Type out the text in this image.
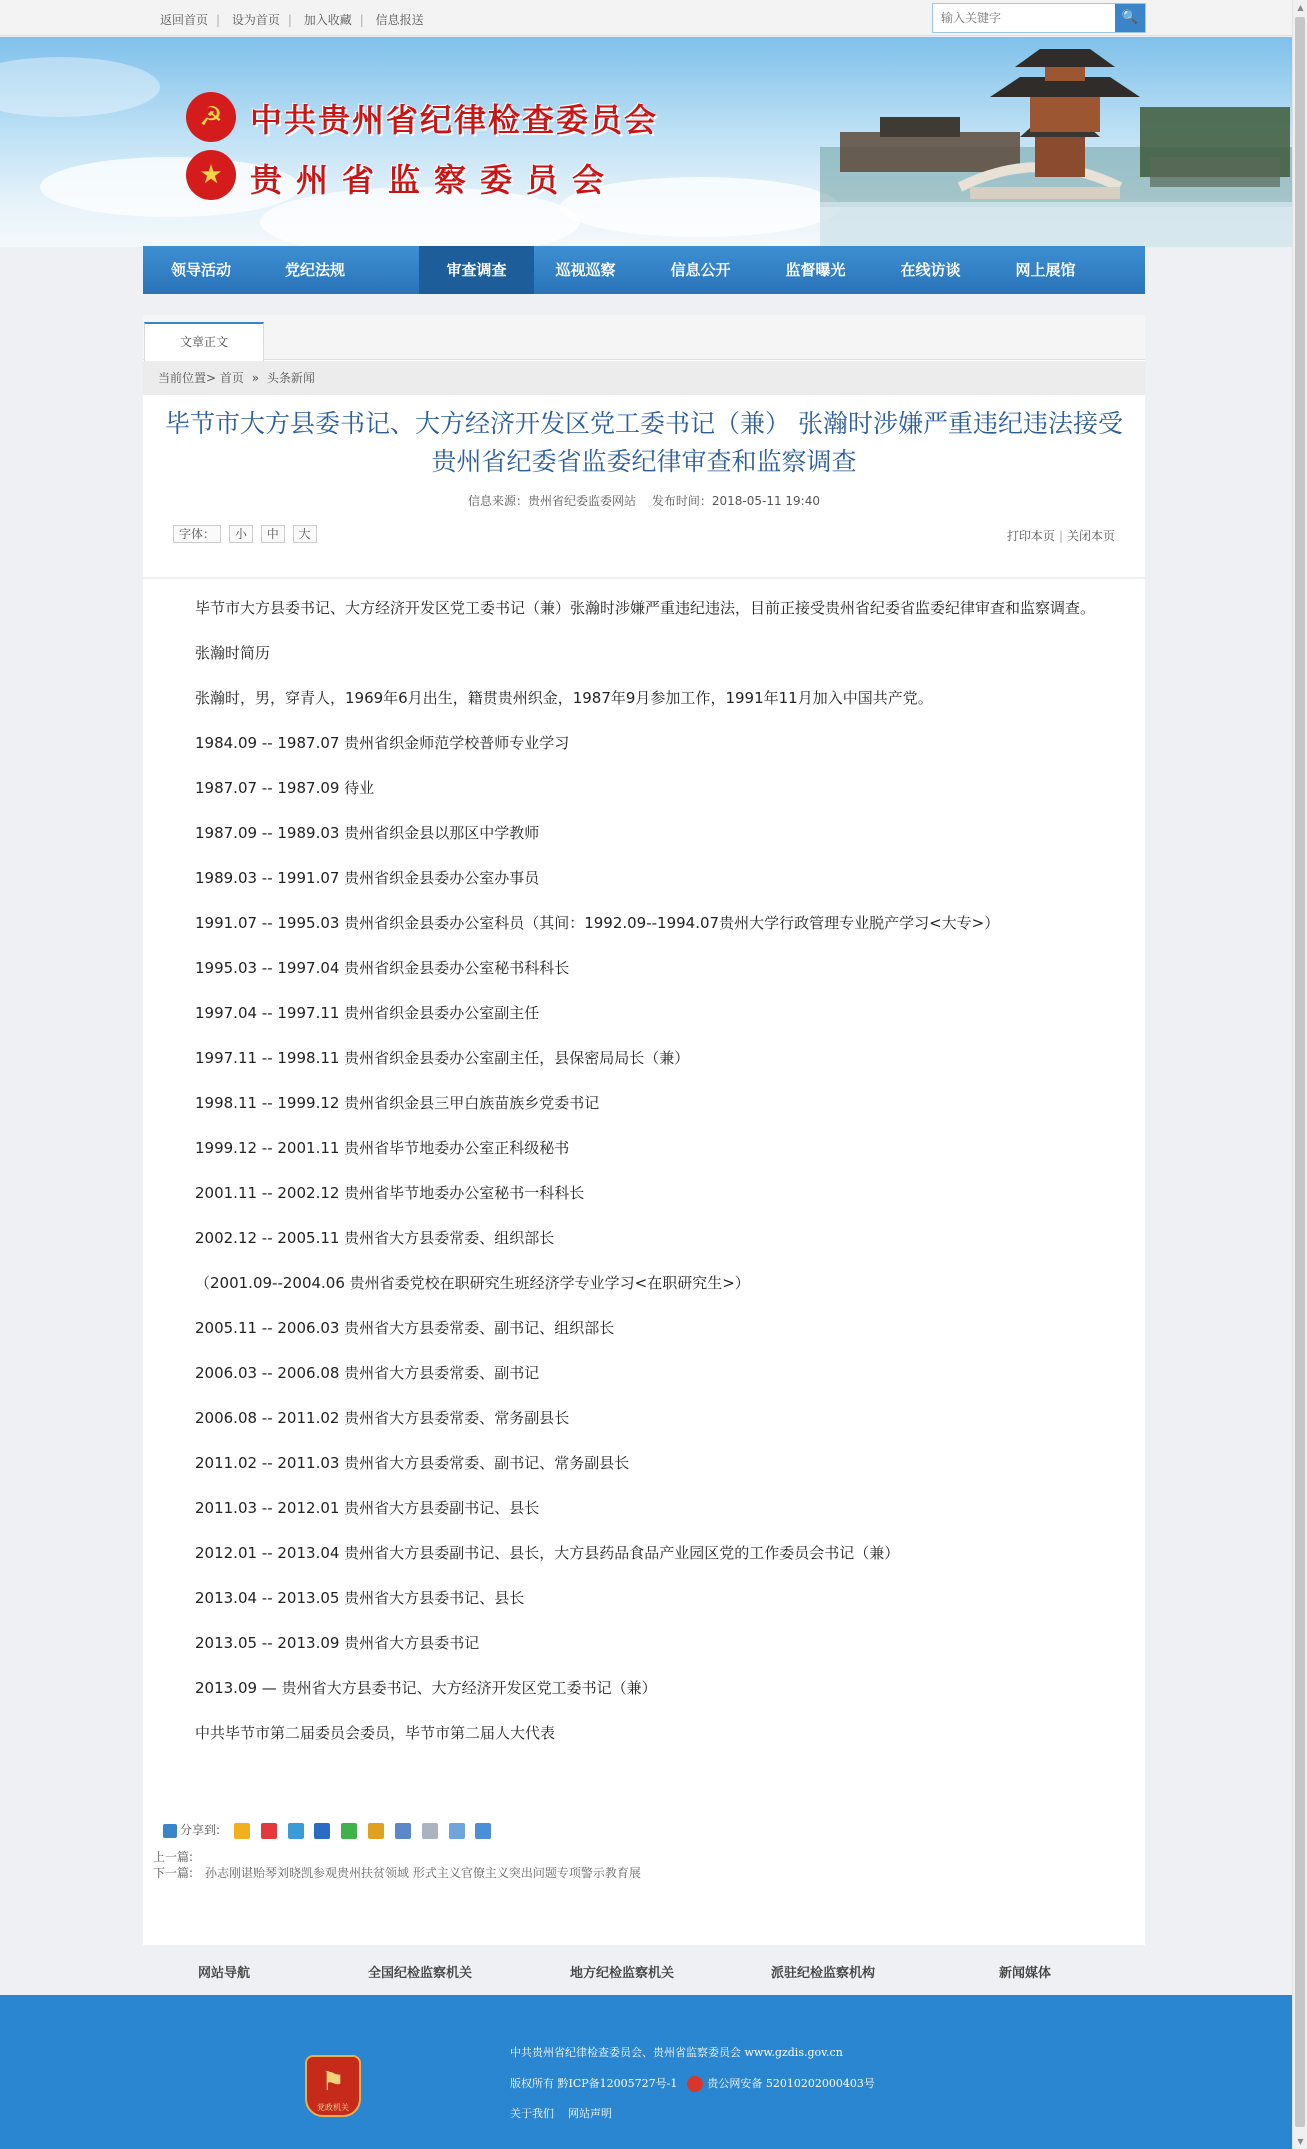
返回首页 | 设为首页 | 加入收藏 | 信息报送
输入关键字	🔍
▲
▼
☭
★
中共贵州省纪律检查委员会
贵州省监察委员会
领导活动	党纪法规	审查调查	巡视巡察	信息公开	监督曝光	在线访谈	网上展馆
文章正文
当前位置> 首页 » 头条新闻
毕节市大方县委书记、大方经济开发区党工委书记（兼） 张瀚时涉嫌严重违纪违法接受贵州省纪委省监委纪律审查和监察调查
信息来源：贵州省纪委监委网站 发布时间：2018-05-11 19:40
字体： 小 中 大	打印本页 | 关闭本页

毕节市大方县委书记、大方经济开发区党工委书记（兼）张瀚时涉嫌严重违纪违法，目前正接受贵州省纪委省监委纪律审查和监察调查。

张瀚时简历

张瀚时，男，穿青人，1969年6月出生，籍贯贵州织金，1987年9月参加工作，1991年11月加入中国共产党。

1984.09 -- 1987.07 贵州省织金师范学校普师专业学习

1987.07 -- 1987.09 待业

1987.09 -- 1989.03 贵州省织金县以那区中学教师

1989.03 -- 1991.07 贵州省织金县委办公室办事员

1991.07 -- 1995.03 贵州省织金县委办公室科员（其间：1992.09--1994.07贵州大学行政管理专业脱产学习<大专>）

1995.03 -- 1997.04 贵州省织金县委办公室秘书科科长

1997.04 -- 1997.11 贵州省织金县委办公室副主任

1997.11 -- 1998.11 贵州省织金县委办公室副主任，县保密局局长（兼）

1998.11 -- 1999.12 贵州省织金县三甲白族苗族乡党委书记

1999.12 -- 2001.11 贵州省毕节地委办公室正科级秘书

2001.11 -- 2002.12 贵州省毕节地委办公室秘书一科科长

2002.12 -- 2005.11 贵州省大方县委常委、组织部长

（2001.09--2004.06 贵州省委党校在职研究生班经济学专业学习<在职研究生>）

2005.11 -- 2006.03 贵州省大方县委常委、副书记、组织部长

2006.03 -- 2006.08 贵州省大方县委常委、副书记

2006.08 -- 2011.02 贵州省大方县委常委、常务副县长

2011.02 -- 2011.03 贵州省大方县委常委、副书记、常务副县长

2011.03 -- 2012.01 贵州省大方县委副书记、县长

2012.01 -- 2013.04 贵州省大方县委副书记、县长，大方县药品食品产业园区党的工作委员会书记（兼）

2013.04 -- 2013.05 贵州省大方县委书记、县长

2013.05 -- 2013.09 贵州省大方县委书记

2013.09 — 贵州省大方县委书记、大方经济开发区党工委书记（兼）

中共毕节市第二届委员会委员，毕节市第二届人大代表

分享到:
上一篇:
下一篇: 孙志刚谌贻琴刘晓凯参观贵州扶贫领域 形式主义官僚主义突出问题专项警示教育展
网站导航	全国纪检监察机关	地方纪检监察机关	派驻纪检监察机构	新闻媒体
⚑
党政机关
中共贵州省纪律检查委员会、贵州省监察委员会 www.gzdis.gov.cn
版权所有 黔ICP备12005727号-1	贵公网安备 52010202000403号
关于我们 网站声明
